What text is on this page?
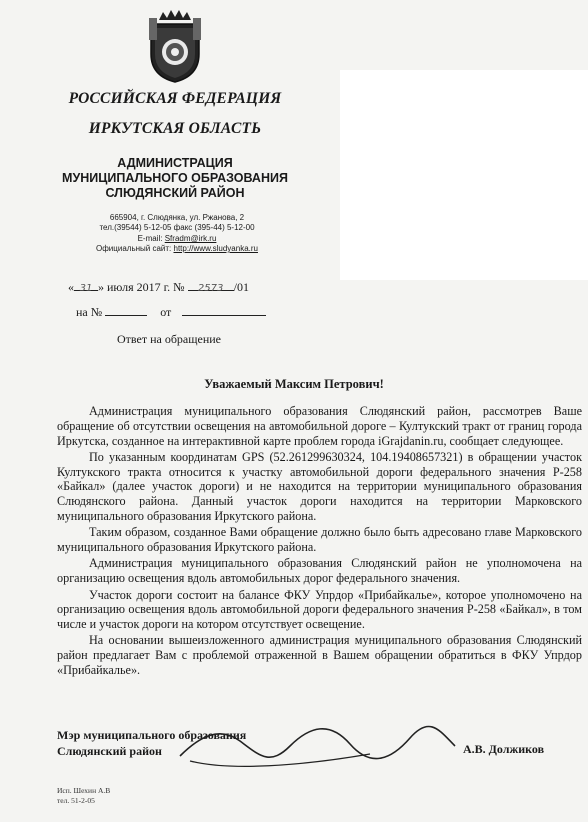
РОССИЙСКАЯ ФЕДЕРАЦИЯ
ИРКУТСКАЯ ОБЛАСТЬ
АДМИНИСТРАЦИЯ
МУНИЦИПАЛЬНОГО ОБРАЗОВАНИЯ
СЛЮДЯНСКИЙ РАЙОН
665904, г. Слюдянка, ул. Ржанова, 2
тел.(39544) 5-12-05 факс (395-44) 5-12-00
E-mail: Sfradm@irk.ru
Официальный сайт: http://www.sludyanka.ru
« 31 » июля 2017 г. № 2573 /01
на №	от
Ответ на обращение
Уважаемый Максим Петрович!

Администрация муниципального образования Слюдянский район, рассмотрев Ваше обращение об отсутствии освещения на автомобильной дороге – Култукский тракт от границ города Иркутска, созданное на интерактивной карте проблем города iGrajdanin.ru, сообщает следующее.

По указанным координатам GPS (52.261299630324, 104.19408657321) в обращении участок Култукского тракта относится к участку автомобильной дороги федерального значения Р-258 «Байкал» (далее участок дороги) и не находится на территории муниципального образования Слюдянского района. Данный участок дороги находится на территории Марковского муниципального образования Иркутского района.

Таким образом, созданное Вами обращение должно было быть адресовано главе Марковского муниципального образования Иркутского района.

Администрация муниципального образования Слюдянский район не уполномочена на организацию освещения вдоль автомобильных дорог федерального значения.

Участок дороги состоит на балансе ФКУ Упрдор «Прибайкалье», которое уполномочено на организацию освещения вдоль автомобильной дороги федерального значения Р-258 «Байкал», в том числе и участок дороги на котором отсутствует освещение.

На основании вышеизложенного администрация муниципального образования Слюдянский район предлагает Вам с проблемой отраженной в Вашем обращении обратиться в ФКУ Упрдор «Прибайкалье».

Мэр муниципального образования
Слюдянский район	А.В. Должиков
Исп. Шехин А.В
тел. 51-2-05
